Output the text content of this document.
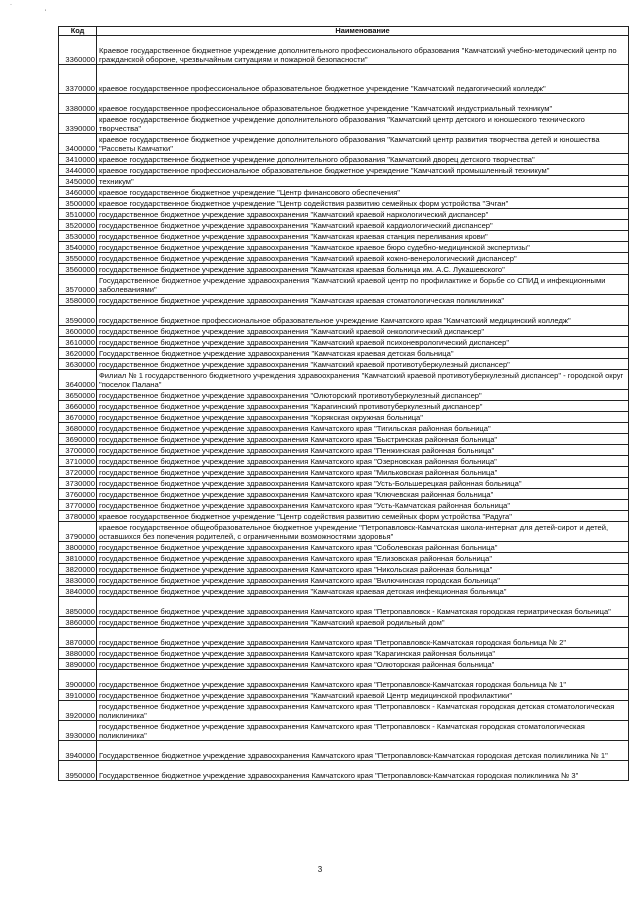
·
'
Код	Наименование
3360000	Краевое государственное бюджетное учреждение дополнительного профессионального образования "Камчатский учебно-методический центр по гражданской обороне, чрезвычайным ситуациям и пожарной безопасности"
3370000	краевое государственное профессиональное образовательное бюджетное учреждение "Камчатский педагогический колледж"
3380000	краевое государственное профессиональное образовательное бюджетное учреждение "Камчатский индустриальный техникум"
3390000	краевое государственное бюджетное учреждение дополнительного образования "Камчатский центр детского и юношеского технического творчества"
3400000	краевое государственное бюджетное учреждение дополнительного образования "Камчатский центр развития творчества детей и юношества "Рассветы Камчатки"
3410000	краевое государственное бюджетное учреждение дополнительного образования "Камчатский дворец детского творчества"
3440000	краевое государственное профессиональное образовательное бюджетное учреждение "Камчатский промышленный техникум"
3450000	техникум"
3460000	краевое государственное бюджетное учреждение "Центр финансового обеспечения"
3500000	краевое государственное бюджетное учреждение "Центр содействия развитию семейных форм устройства "Эчган"
3510000	государственное бюджетное учреждение здравоохранения "Камчатский краевой наркологический диспансер"
3520000	государственное бюджетное учреждение здравоохранения "Камчатский краевой кардиологический диспансер"
3530000	государственное бюджетное учреждение здравоохранения "Камчатская краевая станция переливания крови"
3540000	государственное бюджетное учреждение здравоохранения "Камчатское краевое бюро судебно-медицинской экспертизы"
3550000	государственное бюджетное учреждение здравоохранения "Камчатский краевой кожно-венерологический диспансер"
3560000	государственное бюджетное учреждение здравоохранения "Камчатская краевая больница им. А.С. Лукашевского"
3570000	Государственное бюджетное учреждение здравоохранения "Камчатский краевой центр по профилактике и борьбе со СПИД и инфекционными заболеваниями"
3580000	государственное бюджетное учреждение здравоохранения "Камчатская краевая стоматологическая поликлиника"
3590000	государственное бюджетное профессиональное образовательное учреждение Камчатского края "Камчатский медицинский колледж"
3600000	государственное бюджетное учреждение здравоохранения "Камчатский краевой онкологический диспансер"
3610000	государственное бюджетное учреждение здравоохранения "Камчатский краевой психоневрологический диспансер"
3620000	Государственное бюджетное учреждение здравоохранения "Камчатская краевая детская больница"
3630000	государственное бюджетное учреждение здравоохранения "Камчатский краевой противотуберкулезный диспансер"
3640000	Филиал № 1 государственного бюджетного учреждения здравоохранения "Камчатский краевой противотуберкулезный диспансер" - городской округ "поселок Палана"
3650000	государственное бюджетное учреждение здравоохранения "Олюторский противотуберкулезный диспансер"
3660000	государственное бюджетное учреждение здравоохранения "Карагинский противотуберкулезный диспансер"
3670000	государственное бюджетное учреждение здравоохранения "Корякская окружная больница"
3680000	государственное бюджетное учреждение здравоохранения Камчатского края "Тигильская районная больница"
3690000	государственное бюджетное учреждение здравоохранения Камчатского края "Быстринская районная больница"
3700000	государственное бюджетное учреждение здравоохранения Камчатского края "Пенжинская районная больница"
3710000	государственное бюджетное учреждение здравоохранения Камчатского края "Озерновская районная больница"
3720000	государственное бюджетное учреждение здравоохранения Камчатского края "Мильковская районная больница"
3730000	государственное бюджетное учреждение здравоохранения Камчатского края "Усть-Большерецкая районная больница"
3760000	государственное бюджетное учреждение здравоохранения Камчатского края "Ключевская районная больница"
3770000	государственное бюджетное учреждение здравоохранения Камчатского края "Усть-Камчатская районная больница"
3780000	краевое государственное бюджетное учреждение "Центр содействия развитию семейных форм устройства "Радуга"
3790000	краевое государственное общеобразовательное бюджетное учреждение "Петропавловск-Камчатская школа-интернат для детей-сирот и детей, оставшихся без попечения родителей, с ограниченными возможностями здоровья"
3800000	государственное бюджетное учреждение здравоохранения Камчатского края "Соболевская районная больница"
3810000	государственное бюджетное учреждение здравоохранения Камчатского края "Елизовская районная больница"
3820000	государственное бюджетное учреждение здравоохранения Камчатского края "Никольская районная больница"
3830000	государственное бюджетное учреждение здравоохранения Камчатского края "Вилючинская городская больница"
3840000	государственное бюджетное учреждение здравоохранения "Камчатская краевая детская инфекционная больница"
3850000	государственное бюджетное учреждение здравоохранения Камчатского края "Петропавловск - Камчатская городская гериатрическая больница"
3860000	государственное бюджетное учреждение здравоохранения "Камчатский краевой родильный дом"
3870000	государственное бюджетное учреждение здравоохранения Камчатского края "Петропавловск-Камчатская городская больница № 2"
3880000	государственное бюджетное учреждение здравоохранения Камчатского края "Карагинская районная больница"
3890000	государственное бюджетное учреждение здравоохранения Камчатского края "Олюторская районная больница"
3900000	государственное бюджетное учреждение здравоохранения Камчатского края "Петропавловск-Камчатская городская больница № 1"
3910000	государственное бюджетное учреждение здравоохранения "Камчатский краевой Центр медицинской профилактики"
3920000	государственное бюджетное учреждение здравоохранения Камчатского края "Петропавловск - Камчатская городская детская стоматологическая поликлиника"
3930000	государственное бюджетное учреждение здравоохранения Камчатского края "Петропавловск - Камчатская городская стоматологическая поликлиника"
3940000	Государственное бюджетное учреждение здравоохранения Камчатского края "Петропавловск-Камчатская городская детская поликлиника № 1"
3950000	Государственное бюджетное учреждение здравоохранения Камчатского края "Петропавловск-Камчатская городская поликлиника № 3"
3
